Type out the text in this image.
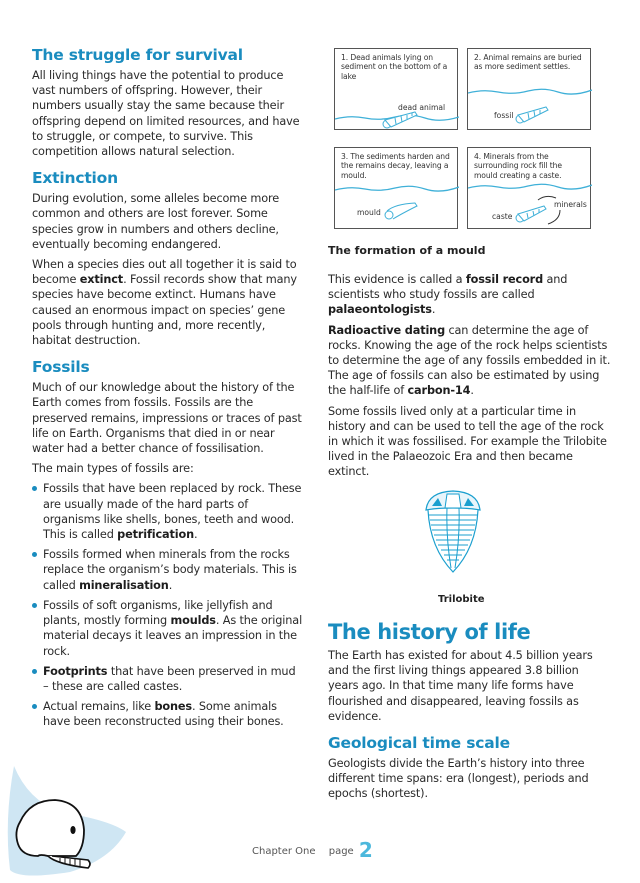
The struggle for survival

All living things have the potential to produce vast numbers of offspring. However, their numbers usually stay the same because their offspring depend on limited resources, and have to struggle, or compete, to survive. This competition allows natural selection.

Extinction

During evolution, some alleles become more common and others are lost forever. Some species grow in numbers and others decline, eventually becoming endangered.

When a species dies out all together it is said to become extinct. Fossil records show that many species have become extinct. Humans have caused an enormous impact on species’ gene pools through hunting and, more recently, habitat destruction.

Fossils

Much of our knowledge about the history of the Earth comes from fossils. Fossils are the preserved remains, impressions or traces of past life on Earth. Organisms that died in or near water had a better chance of fossilisation.

The main types of fossils are:

Fossils that have been replaced by rock. These are usually made of the hard parts of organisms like shells, bones, teeth and wood. This is called petrification.
Fossils formed when minerals from the rocks replace the organism’s body materials. This is called mineralisation.
Fossils of soft organisms, like jellyfish and plants, mostly forming moulds. As the original material decays it leaves an impression in the rock.
Footprints that have been preserved in mud – these are called castes.
Actual remains, like bones. Some animals have been reconstructed using their bones.
1. Dead animals lying on sediment on the bottom of a lake
dead animal
2. Animal remains are buried as more sediment settles.
fossil
3. The sediments harden and the remains decay, leaving a mould.
mould
4. Minerals from the surrounding rock fill the mould creating a caste.
caste
minerals
The formation of a mould

This evidence is called a fossil record and scientists who study fossils are called palaeontologists.

Radioactive dating can determine the age of rocks. Knowing the age of the rock helps scientists to determine the age of any fossils embedded in it. The age of fossils can also be estimated by using the half-life of carbon-14.

Some fossils lived only at a particular time in history and can be used to tell the age of the rock in which it was fossilised. For example the Trilobite lived in the Palaeozoic Era and then became extinct.

Trilobite
The history of life

The Earth has existed for about 4.5 billion years and the first living things appeared 3.8 billion years ago. In that time many life forms have flourished and disappeared, leaving fossils as evidence.

Geological time scale

Geologists divide the Earth’s history into three different time spans: era (longest), periods and epochs (shortest).

Chapter One page 2
